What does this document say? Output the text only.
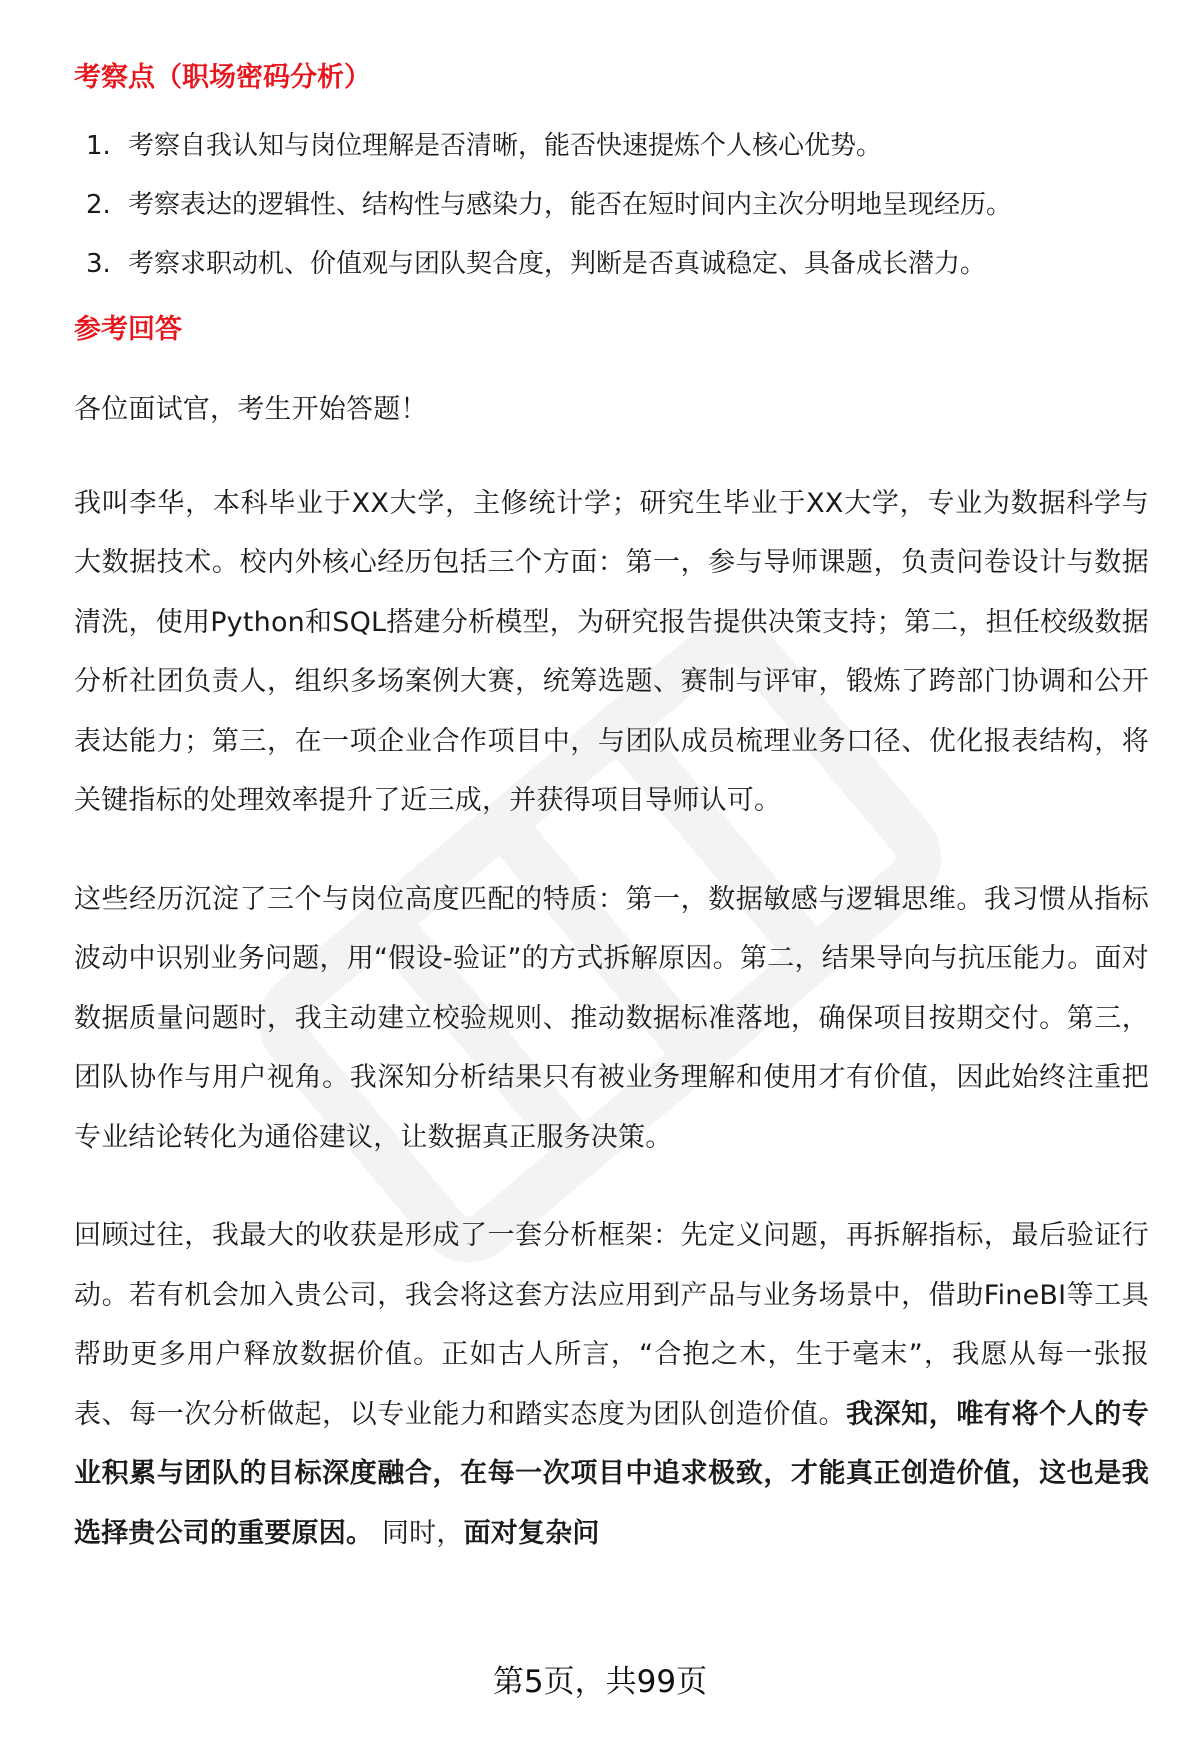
考察点（职场密码分析）
1. 考察自我认知与岗位理解是否清晰，能否快速提炼个人核心优势。
2. 考察表达的逻辑性、结构性与感染力，能否在短时间内主次分明地呈现经历。
3. 考察求职动机、价值观与团队契合度，判断是否真诚稳定、具备成长潜力。
参考回答

各位面试官，考生开始答题！

我叫李华，本科毕业于XX大学，主修统计学；研究生毕业于XX大学，专业为数据科学与大数据技术。校内外核心经历包括三个方面：第一，参与导师课题，负责问卷设计与数据清洗，使用Python和SQL搭建分析模型，为研究报告提供决策支持；第二，担任校级数据分析社团负责人，组织多场案例大赛，统筹选题、赛制与评审，锻炼了跨部门协调和公开表达能力；第三，在一项企业合作项目中，与团队成员梳理业务口径、优化报表结构，将关键指标的处理效率提升了近三成，并获得项目导师认可。

这些经历沉淀了三个与岗位高度匹配的特质：第一，数据敏感与逻辑思维。我习惯从指标波动中识别业务问题，用“假设-验证”的方式拆解原因。第二，结果导向与抗压能力。面对数据质量问题时，我主动建立校验规则、推动数据标准落地，确保项目按期交付。第三，团队协作与用户视角。我深知分析结果只有被业务理解和使用才有价值，因此始终注重把专业结论转化为通俗建议，让数据真正服务决策。

回顾过往，我最大的收获是形成了一套分析框架：先定义问题，再拆解指标，最后验证行动。若有机会加入贵公司，我会将这套方法应用到产品与业务场景中，借助FineBI等工具帮助更多用户释放数据价值。正如古人所言，“合抱之木，生于毫末”，我愿从每一张报表、每一次分析做起，以专业能力和踏实态度为团队创造价值。我深知，唯有将个人的专业积累与团队的目标深度融合，在每一次项目中追求极致，才能真正创造价值，这也是我选择贵公司的重要原因。 同时，面对复杂问

第5页，共99页
